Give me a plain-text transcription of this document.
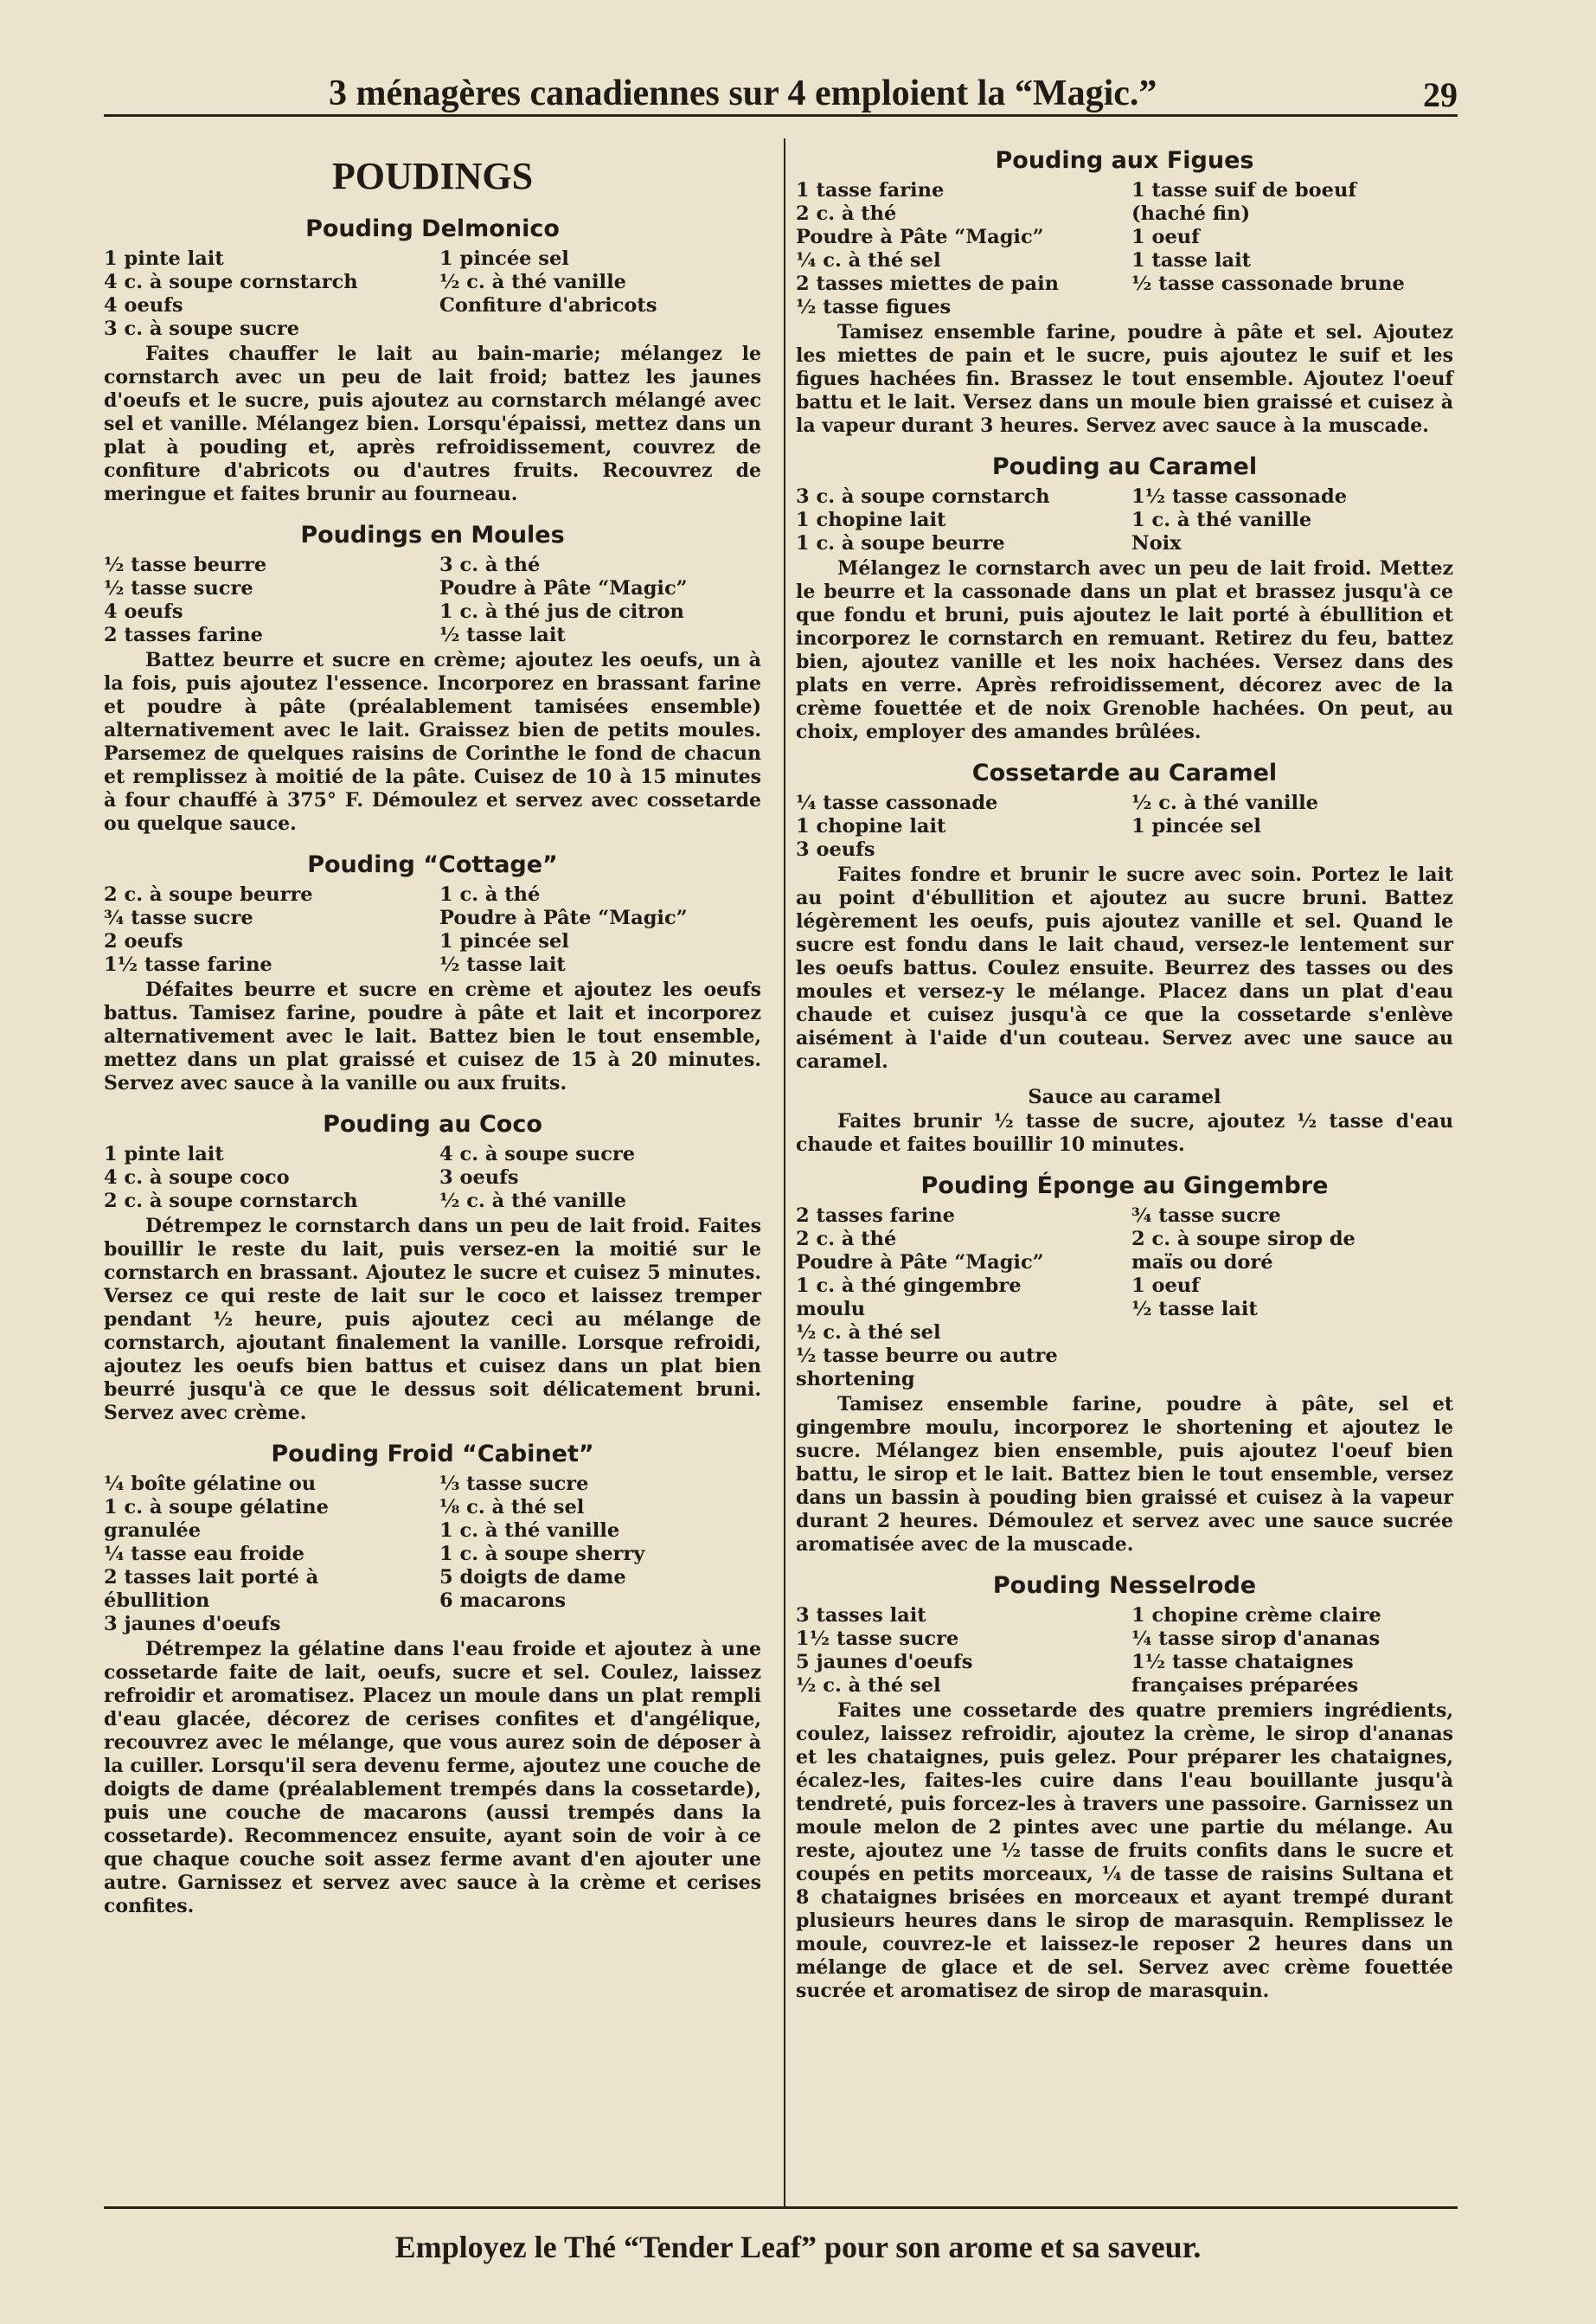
3 ménagères canadiennes sur 4 emploient la “Magic.”	29
POUDINGS
Pouding Delmonico
1 pinte lait	1 pincée sel
4 c. à soupe cornstarch	½ c. à thé vanille
4 oeufs	Confiture d'abricots
3 c. à soupe sucre
Faites chauffer le lait au bain-marie; mélangez le cornstarch avec un peu de lait froid; battez les jaunes d'oeufs et le sucre, puis ajoutez au cornstarch mélangé avec sel et vanille. Mélangez bien. Lorsqu'épaissi, mettez dans un plat à pouding et, après refroidissement, couvrez de confiture d'abricots ou d'autres fruits. Recouvrez de meringue et faites brunir au fourneau.
Poudings en Moules
½ tasse beurre	3 c. à thé
½ tasse sucre	Poudre à Pâte “Magic”
4 oeufs	1 c. à thé jus de citron
2 tasses farine	½ tasse lait
Battez beurre et sucre en crème; ajoutez les oeufs, un à la fois, puis ajoutez l'essence. Incorporez en brassant farine et poudre à pâte (préalablement tamisées ensemble) alternativement avec le lait. Graissez bien de petits moules. Parsemez de quelques raisins de Corinthe le fond de chacun et remplissez à moitié de la pâte. Cuisez de 10 à 15 minutes à four chauffé à 375° F. Démoulez et servez avec cossetarde ou quelque sauce.
Pouding “Cottage”
2 c. à soupe beurre	1 c. à thé
¾ tasse sucre	Poudre à Pâte “Magic”
2 oeufs	1 pincée sel
1½ tasse farine	½ tasse lait
Défaites beurre et sucre en crème et ajoutez les oeufs battus. Tamisez farine, poudre à pâte et lait et incorporez alternativement avec le lait. Battez bien le tout ensemble, mettez dans un plat graissé et cuisez de 15 à 20 minutes. Servez avec sauce à la vanille ou aux fruits.
Pouding au Coco
1 pinte lait	4 c. à soupe sucre
4 c. à soupe coco	3 oeufs
2 c. à soupe cornstarch	½ c. à thé vanille
Détrempez le cornstarch dans un peu de lait froid. Faites bouillir le reste du lait, puis versez-en la moitié sur le cornstarch en brassant. Ajoutez le sucre et cuisez 5 minutes. Versez ce qui reste de lait sur le coco et laissez tremper pendant ½ heure, puis ajoutez ceci au mélange de cornstarch, ajoutant finalement la vanille. Lorsque refroidi, ajoutez les oeufs bien battus et cuisez dans un plat bien beurré jusqu'à ce que le dessus soit délicatement bruni. Servez avec crème.
Pouding Froid “Cabinet”
¼ boîte gélatine ou	⅓ tasse sucre
1 c. à soupe gélatine	⅛ c. à thé sel
granulée	1 c. à thé vanille
¼ tasse eau froide	1 c. à soupe sherry
2 tasses lait porté à	5 doigts de dame
ébullition	6 macarons
3 jaunes d'oeufs
Détrempez la gélatine dans l'eau froide et ajoutez à une cossetarde faite de lait, oeufs, sucre et sel. Coulez, laissez refroidir et aromatisez. Placez un moule dans un plat rempli d'eau glacée, décorez de cerises confites et d'angélique, recouvrez avec le mélange, que vous aurez soin de déposer à la cuiller. Lorsqu'il sera devenu ferme, ajoutez une couche de doigts de dame (préalablement trempés dans la cossetarde), puis une couche de macarons (aussi trempés dans la cossetarde). Recommencez ensuite, ayant soin de voir à ce que chaque couche soit assez ferme avant d'en ajouter une autre. Garnissez et servez avec sauce à la crème et cerises confites.
Pouding aux Figues
1 tasse farine	1 tasse suif de boeuf
2 c. à thé	(haché fin)
Poudre à Pâte “Magic”	1 oeuf
¼ c. à thé sel	1 tasse lait
2 tasses miettes de pain	½ tasse cassonade brune
½ tasse figues
Tamisez ensemble farine, poudre à pâte et sel. Ajoutez les miettes de pain et le sucre, puis ajoutez le suif et les figues hachées fin. Brassez le tout ensemble. Ajoutez l'oeuf battu et le lait. Versez dans un moule bien graissé et cuisez à la vapeur durant 3 heures. Servez avec sauce à la muscade.
Pouding au Caramel
3 c. à soupe cornstarch	1½ tasse cassonade
1 chopine lait	1 c. à thé vanille
1 c. à soupe beurre	Noix
Mélangez le cornstarch avec un peu de lait froid. Mettez le beurre et la cassonade dans un plat et brassez jusqu'à ce que fondu et bruni, puis ajoutez le lait porté à ébullition et incorporez le cornstarch en remuant. Retirez du feu, battez bien, ajoutez vanille et les noix hachées. Versez dans des plats en verre. Après refroidissement, décorez avec de la crème fouettée et de noix Grenoble hachées. On peut, au choix, employer des amandes brûlées.
Cossetarde au Caramel
¼ tasse cassonade	½ c. à thé vanille
1 chopine lait	1 pincée sel
3 oeufs
Faites fondre et brunir le sucre avec soin. Portez le lait au point d'ébullition et ajoutez au sucre bruni. Battez légèrement les oeufs, puis ajoutez vanille et sel. Quand le sucre est fondu dans le lait chaud, versez-le lentement sur les oeufs battus. Coulez ensuite. Beurrez des tasses ou des moules et versez-y le mélange. Placez dans un plat d'eau chaude et cuisez jusqu'à ce que la cossetarde s'enlève aisément à l'aide d'un couteau. Servez avec une sauce au caramel.
Sauce au caramel
Faites brunir ½ tasse de sucre, ajoutez ½ tasse d'eau chaude et faites bouillir 10 minutes.
Pouding Éponge au Gingembre
2 tasses farine	¾ tasse sucre
2 c. à thé	2 c. à soupe sirop de
Poudre à Pâte “Magic”	maïs ou doré
1 c. à thé gingembre	1 oeuf
moulu	½ tasse lait
½ c. à thé sel
½ tasse beurre ou autre
shortening
Tamisez ensemble farine, poudre à pâte, sel et gingembre moulu, incorporez le shortening et ajoutez le sucre. Mélangez bien ensemble, puis ajoutez l'oeuf bien battu, le sirop et le lait. Battez bien le tout ensemble, versez dans un bassin à pouding bien graissé et cuisez à la vapeur durant 2 heures. Démoulez et servez avec une sauce sucrée aromatisée avec de la muscade.
Pouding Nesselrode
3 tasses lait	1 chopine crème claire
1½ tasse sucre	¼ tasse sirop d'ananas
5 jaunes d'oeufs	1½ tasse chataignes
½ c. à thé sel	françaises préparées
Faites une cossetarde des quatre premiers ingrédients, coulez, laissez refroidir, ajoutez la crème, le sirop d'ananas et les chataignes, puis gelez. Pour préparer les chataignes, écalez-les, faites-les cuire dans l'eau bouillante jusqu'à tendreté, puis forcez-les à travers une passoire. Garnissez un moule melon de 2 pintes avec une partie du mélange. Au reste, ajoutez une ½ tasse de fruits confits dans le sucre et coupés en petits morceaux, ¼ de tasse de raisins Sultana et 8 chataignes brisées en morceaux et ayant trempé durant plusieurs heures dans le sirop de marasquin. Remplissez le moule, couvrez-le et laissez-le reposer 2 heures dans un mélange de glace et de sel. Servez avec crème fouettée sucrée et aromatisez de sirop de marasquin.
Employez le Thé “Tender Leaf” pour son arome et sa saveur.
